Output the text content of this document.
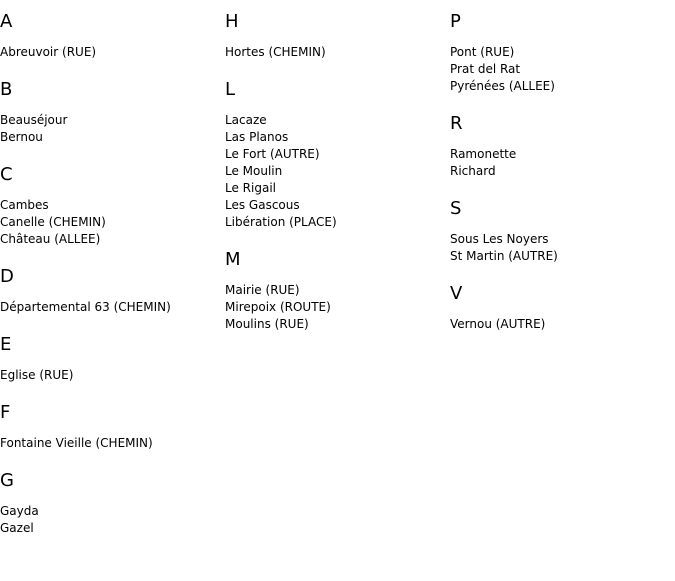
A
Abreuvoir (RUE)
B
Beauséjour
Bernou
C
Cambes
Canelle (CHEMIN)
Château (ALLEE)
D
Départemental 63 (CHEMIN)
E
Eglise (RUE)
F
Fontaine Vieille (CHEMIN)
G
Gayda
Gazel
H
Hortes (CHEMIN)
L
Lacaze
Las Planos
Le Fort (AUTRE)
Le Moulin
Le Rigail
Les Gascous
Libération (PLACE)
M
Mairie (RUE)
Mirepoix (ROUTE)
Moulins (RUE)
P
Pont (RUE)
Prat del Rat
Pyrénées (ALLEE)
R
Ramonette
Richard
S
Sous Les Noyers
St Martin (AUTRE)
V
Vernou (AUTRE)
